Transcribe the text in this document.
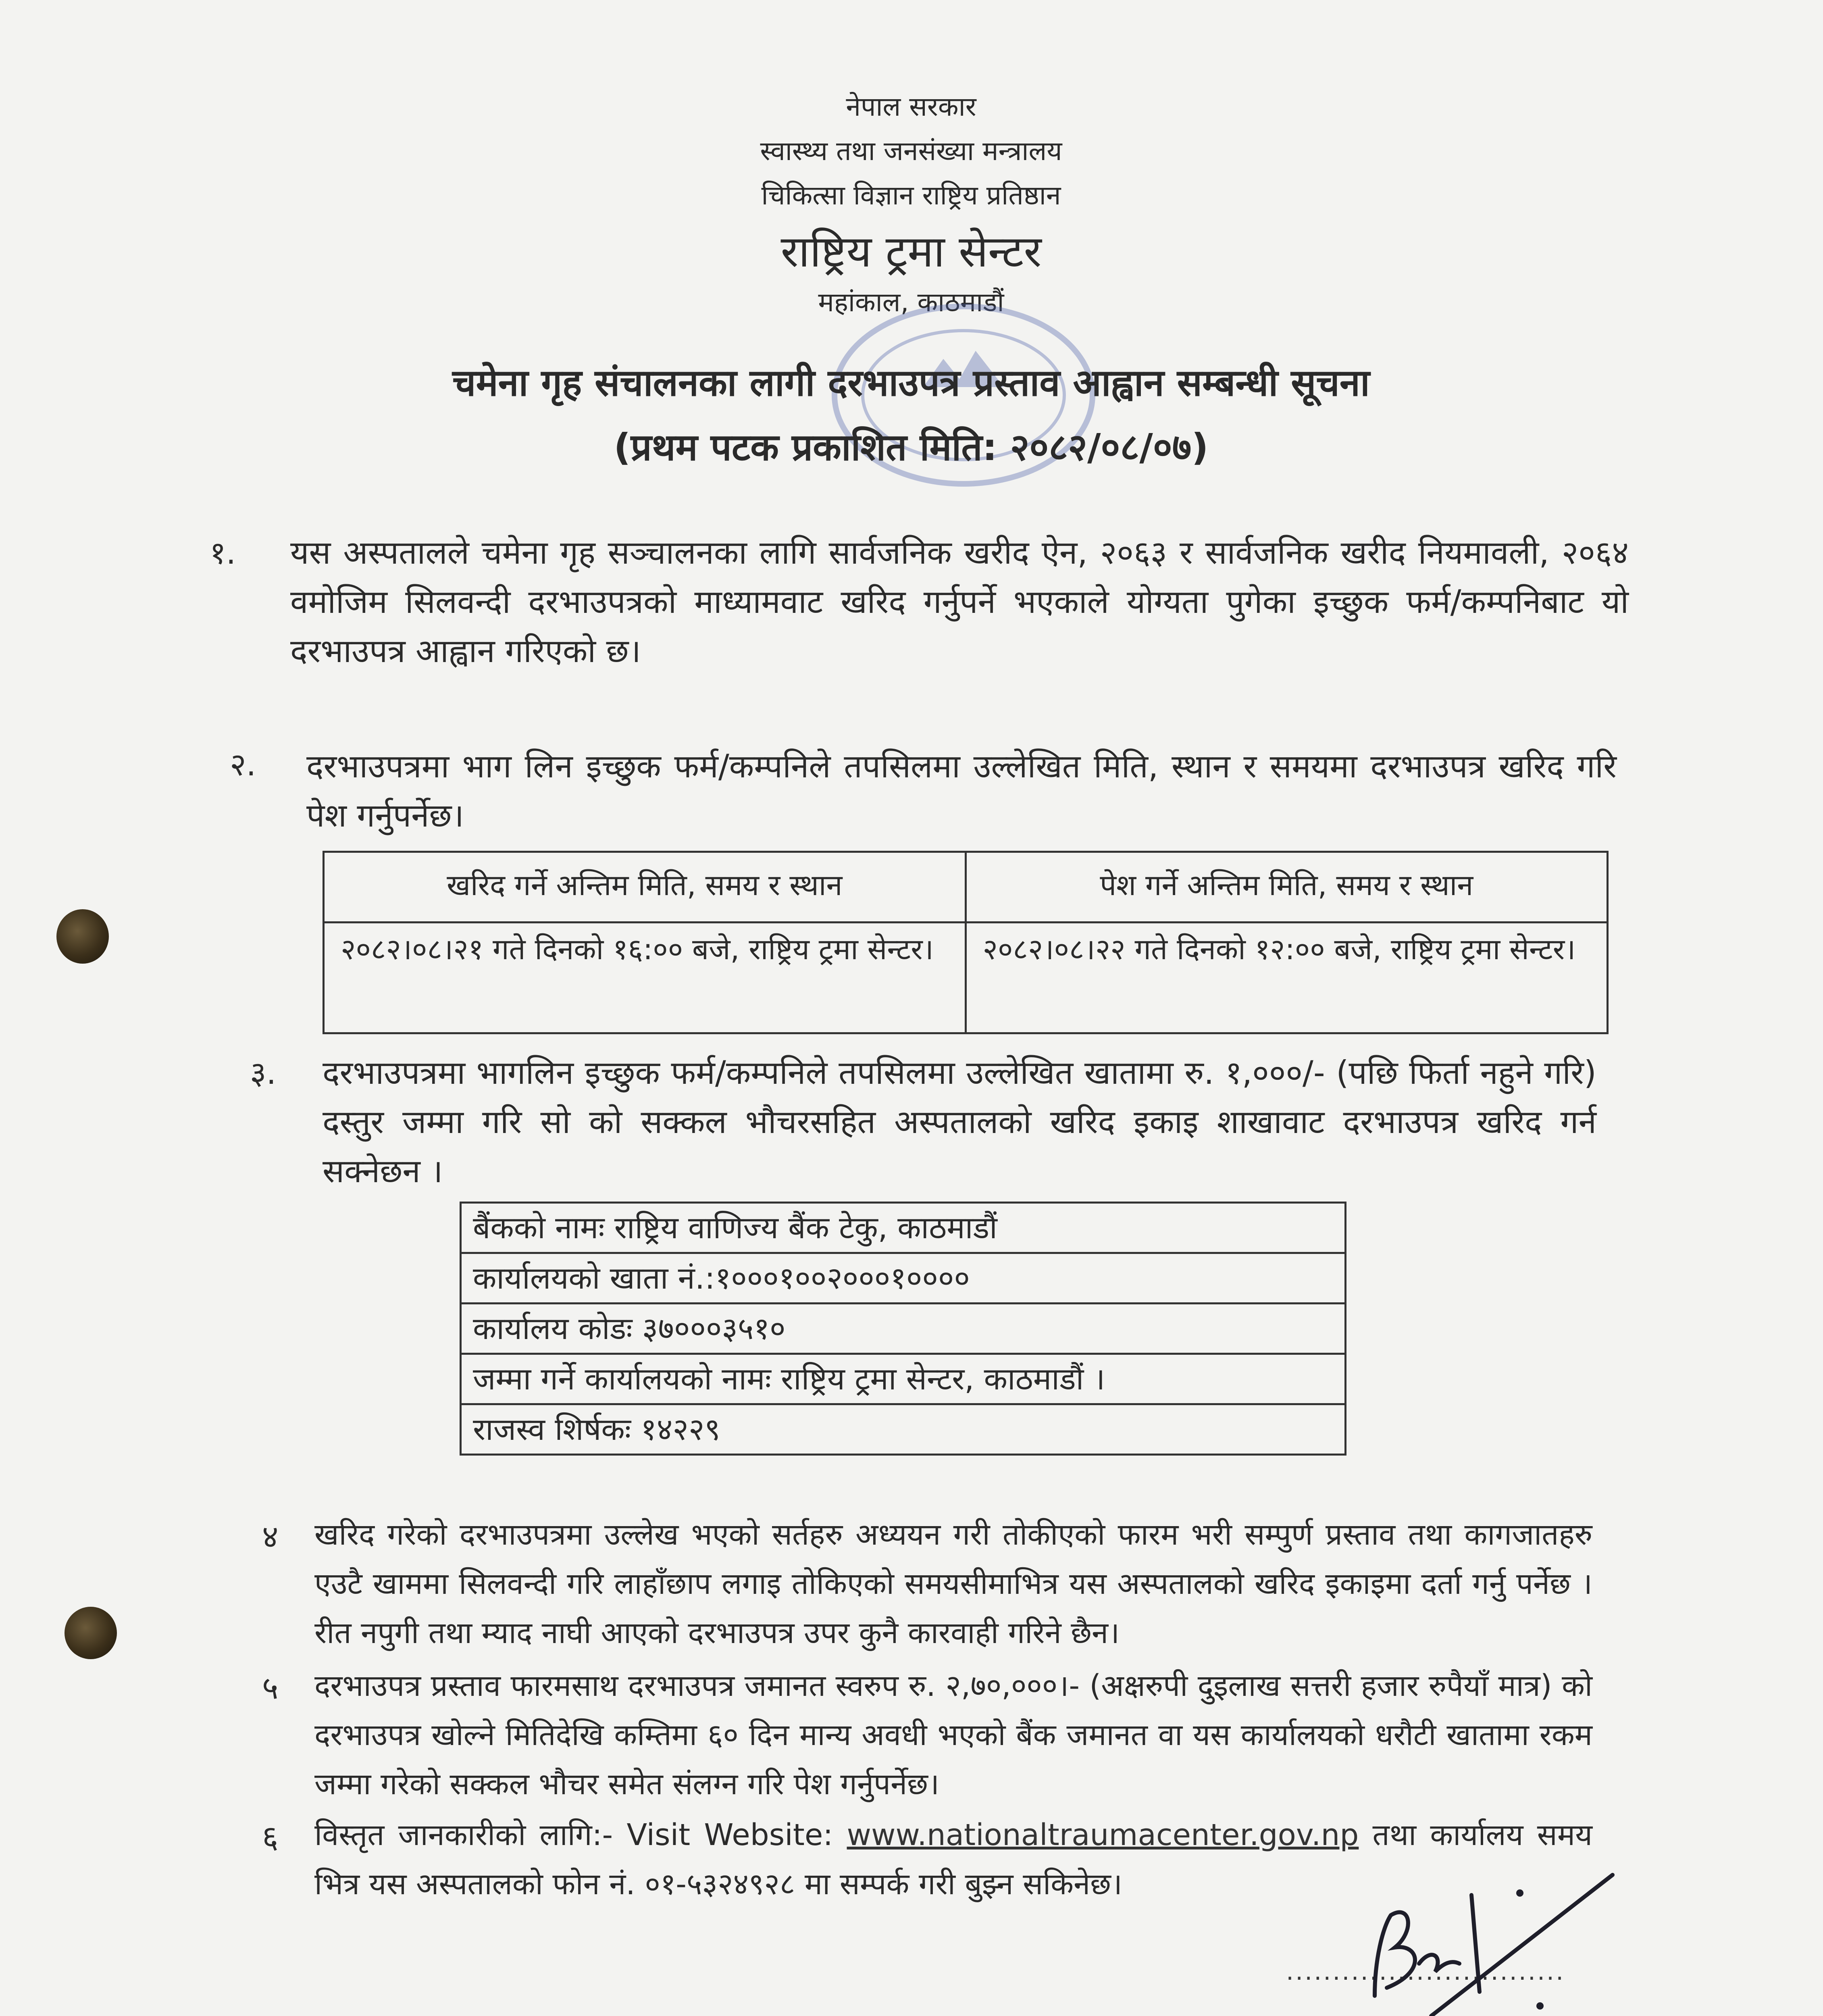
नेपाल सरकार
स्वास्थ्य तथा जनसंख्या मन्त्रालय
चिकित्सा विज्ञान राष्ट्रिय प्रतिष्ठान
राष्ट्रिय ट्रमा सेन्टर
महांकाल, काठमाडौं
चमेना गृह संचालनका लागी दरभाउपत्र प्रस्ताव आह्वान सम्बन्धी सूचना
(प्रथम पटक प्रकाशित मिति: २०८२/०८/०७)
१. यस अस्पतालले चमेना गृह सञ्चालनका लागि सार्वजनिक खरीद ऐन, २०६३ र सार्वजनिक खरीद नियमावली, २०६४ वमोजिम सिलवन्दी दरभाउपत्रको माध्यामवाट खरिद गर्नुपर्ने भएकाले योग्यता पुगेका इच्छुक फर्म/कम्पनिबाट यो दरभाउपत्र आह्वान गरिएको छ।
२. दरभाउपत्रमा भाग लिन इच्छुक फर्म/कम्पनिले तपसिलमा उल्लेखित मिति, स्थान र समयमा दरभाउपत्र खरिद गरि पेश गर्नुपर्नेछ।
खरिद गर्ने अन्तिम मिति, समय र स्थान	पेश गर्ने अन्तिम मिति, समय र स्थान
२०८२।०८।२१ गते दिनको १६:०० बजे, राष्ट्रिय ट्रमा सेन्टर।	२०८२।०८।२२ गते दिनको १२:०० बजे, राष्ट्रिय ट्रमा सेन्टर।
३. दरभाउपत्रमा भागलिन इच्छुक फर्म/कम्पनिले तपसिलमा उल्लेखित खातामा रु. १,०००/- (पछि फिर्ता नहुने गरि) दस्तुर जम्मा गरि सो को सक्कल भौचरसहित अस्पतालको खरिद इकाइ शाखावाट दरभाउपत्र खरिद गर्न सक्नेछन ।
बैंकको नामः राष्ट्रिय वाणिज्य बैंक टेकु, काठमाडौं
कार्यालयको खाता नं.:१०००१००२०००१००००
कार्यालय कोडः ३७०००३५१०
जम्मा गर्ने कार्यालयको नामः राष्ट्रिय ट्रमा सेन्टर, काठमाडौं ।
राजस्व शिर्षकः १४२२९
४ खरिद गरेको दरभाउपत्रमा उल्लेख भएको सर्तहरु अध्ययन गरी तोकीएको फारम भरी सम्पुर्ण प्रस्ताव तथा कागजातहरु एउटै खाममा सिलवन्दी गरि लाहाँछाप लगाइ तोकिएको समयसीमाभित्र यस अस्पतालको खरिद इकाइमा दर्ता गर्नु पर्नेछ । रीत नपुगी तथा म्याद नाघी आएको दरभाउपत्र उपर कुनै कारवाही गरिने छैन।
५ दरभाउपत्र प्रस्ताव फारमसाथ दरभाउपत्र जमानत स्वरुप रु. २,७०,०००।- (अक्षरुपी दुइलाख सत्तरी हजार रुपैयाँ मात्र) को दरभाउपत्र खोल्ने मितिदेखि कम्तिमा ६० दिन मान्य अवधी भएको बैंक जमानत वा यस कार्यालयको धरौटी खातामा रकम जम्मा गरेको सक्कल भौचर समेत संलग्न गरि पेश गर्नुपर्नेछ।
६ विस्तृत जानकारीको लागि:- Visit Website: www.nationaltraumacenter.gov.np तथा कार्यालय समय भित्र यस अस्पतालको फोन नं. ०१-५३२४९२८ मा सम्पर्क गरी बुझ्न सकिनेछ।
..............................
